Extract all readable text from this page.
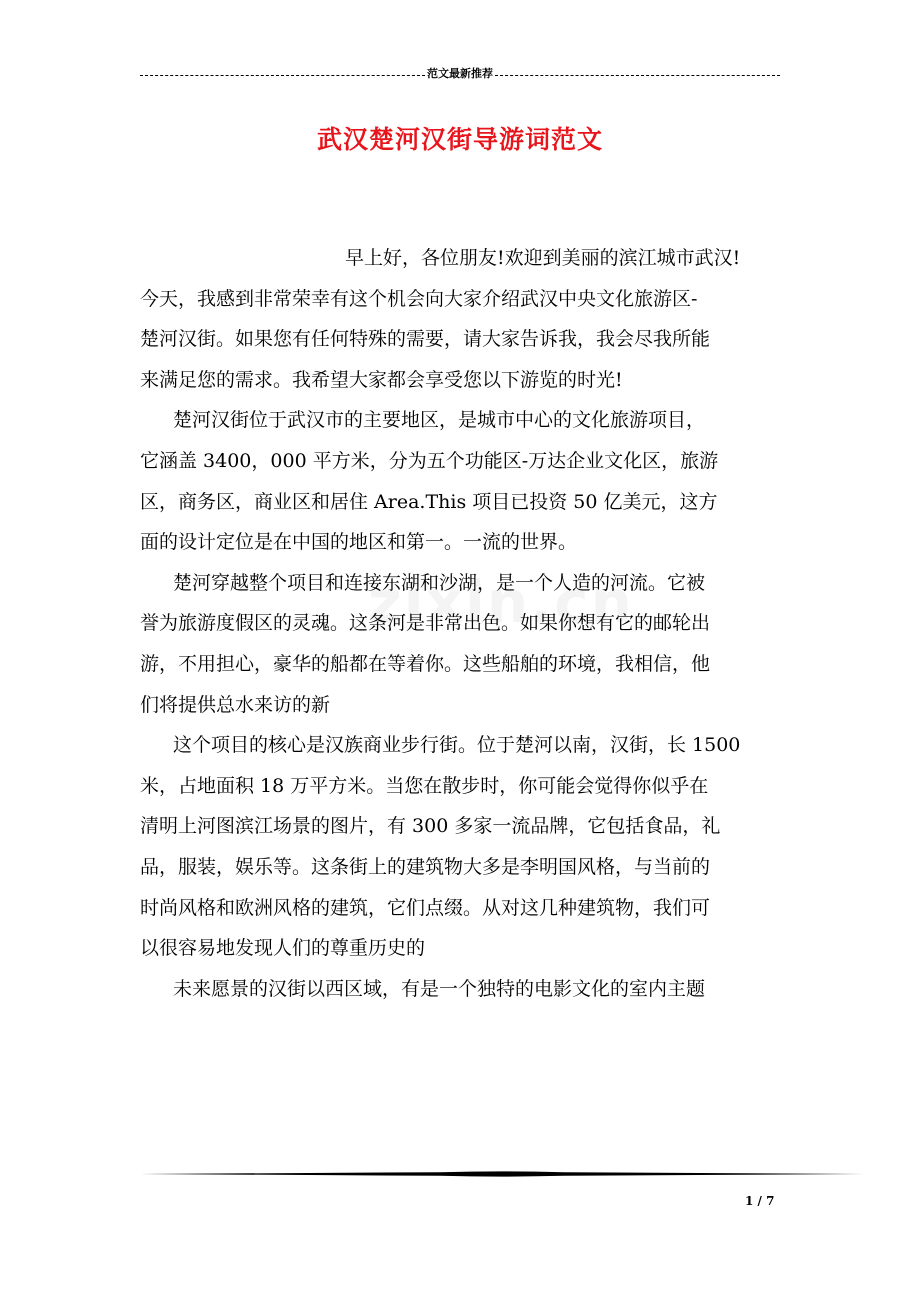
范文最新推荐
武汉楚河汉街导游词范文

早上好，各位朋友!欢迎到美丽的滨江城市武汉!
今天，我感到非常荣幸有这个机会向大家介绍武汉中央文化旅游区-
楚河汉街。如果您有任何特殊的需要，请大家告诉我，我会尽我所能
来满足您的需求。我希望大家都会享受您以下游览的时光!

楚河汉街位于武汉市的主要地区，是城市中心的文化旅游项目，
它涵盖 3400，000 平方米，分为五个功能区-万达企业文化区，旅游
区，商务区，商业区和居住 Area.This 项目已投资 50 亿美元，这方
面的设计定位是在中国的地区和第一。一流的世界。

楚河穿越整个项目和连接东湖和沙湖，是一个人造的河流。它被
誉为旅游度假区的灵魂。这条河是非常出色。如果你想有它的邮轮出
游，不用担心，豪华的船都在等着你。这些船舶的环境，我相信，他
们将提供总水来访的新

这个项目的核心是汉族商业步行街。位于楚河以南，汉街，长 1500
米，占地面积 18 万平方米。当您在散步时，你可能会觉得你似乎在
清明上河图滨江场景的图片，有 300 多家一流品牌，它包括食品，礼
品，服装，娱乐等。这条街上的建筑物大多是李明国风格，与当前的
时尚风格和欧洲风格的建筑，它们点缀。从对这几种建筑物，我们可
以很容易地发现人们的尊重历史的

未来愿景的汉街以西区域，有是一个独特的电影文化的室内主题

1 / 7
